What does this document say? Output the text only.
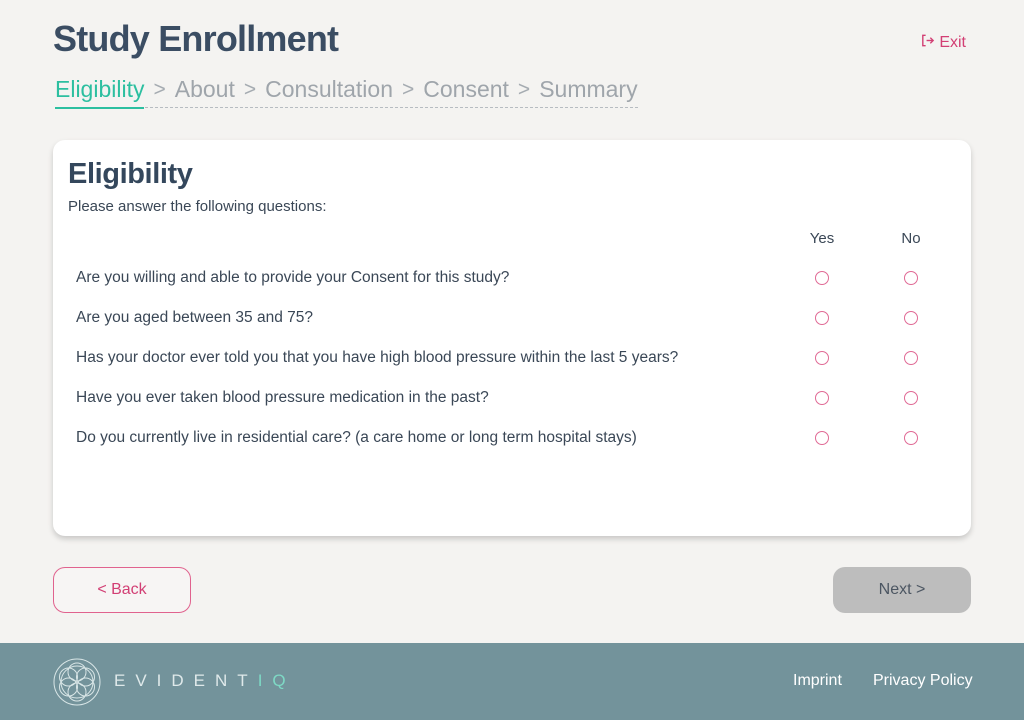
Study Enrollment	Exit
Eligibility > About > Consultation > Consent > Summary
Eligibility
Please answer the following questions:
Yes	No
Are you willing and able to provide your Consent for this study?
Are you aged between 35 and 75?
Has your doctor ever told you that you have high blood pressure within the last 5 years?
Have you ever taken blood pressure medication in the past?
Do you currently live in residential care? (a care home or long term hospital stays)
< Back	Next >
EVIDENTIQ	Imprint Privacy Policy
